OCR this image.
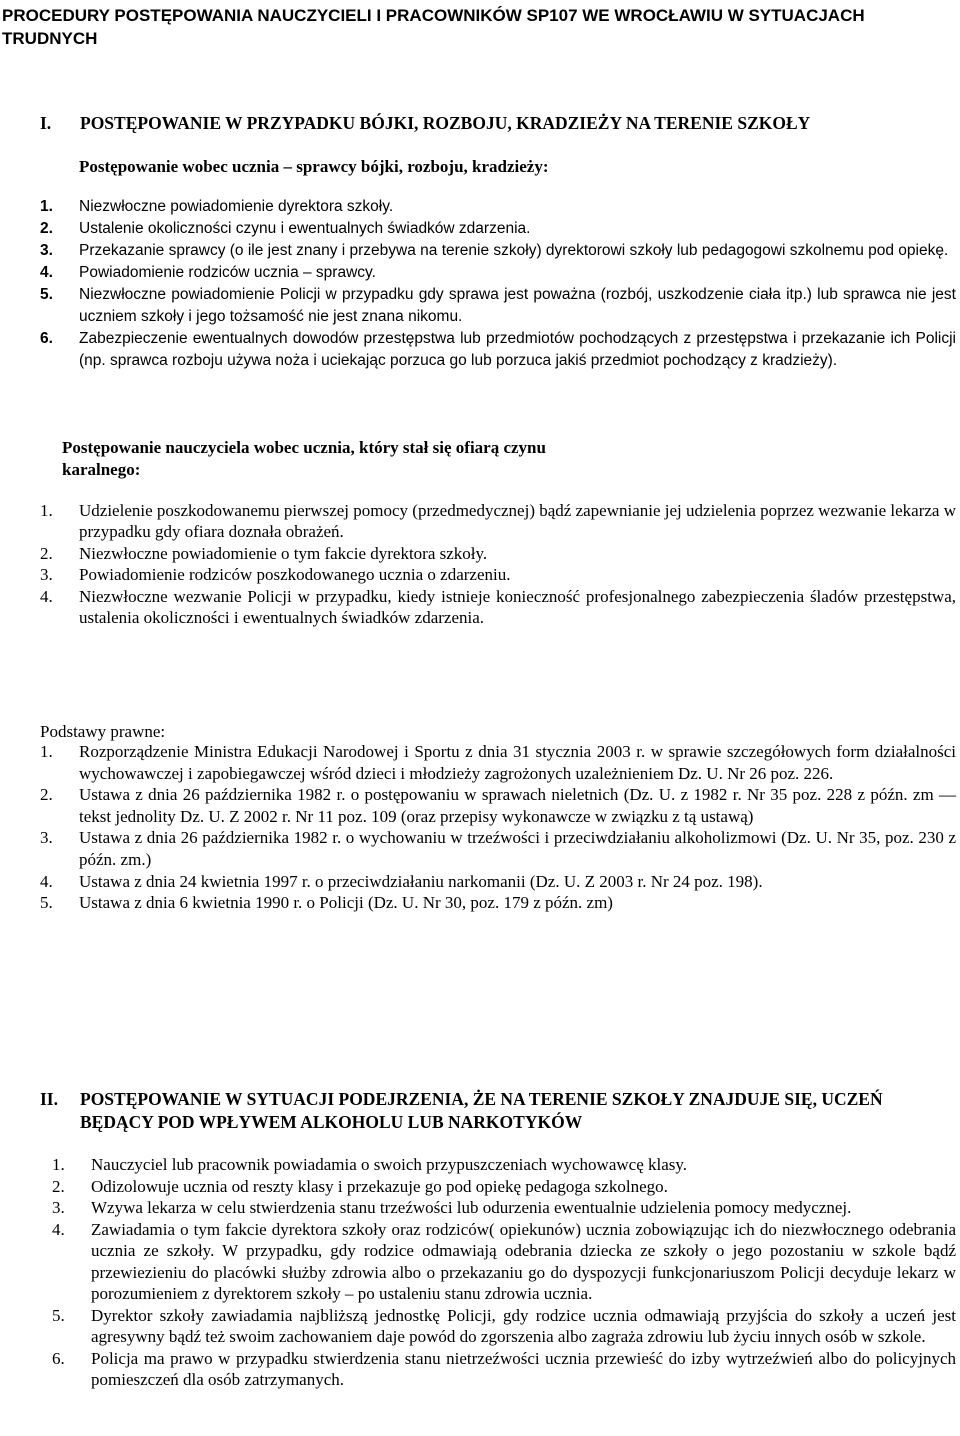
PROCEDURY POSTĘPOWANIA NAUCZYCIELI I PRACOWNIKÓW SP107 WE WROCŁAWIU W SYTUACJACH TRUDNYCH
I. POSTĘPOWANIE W PRZYPADKU BÓJKI, ROZBOJU, KRADZIEŻY NA TERENIE SZKOŁY
Postępowanie wobec ucznia – sprawcy bójki, rozboju, kradzieży:
1. Niezwłoczne powiadomienie dyrektora szkoły.
2. Ustalenie okoliczności czynu i ewentualnych świadków zdarzenia.
3. Przekazanie sprawcy (o ile jest znany i przebywa na terenie szkoły) dyrektorowi szkoły lub pedagogowi szkolnemu pod opiekę.
4. Powiadomienie rodziców ucznia – sprawcy.
5. Niezwłoczne powiadomienie Policji w przypadku gdy sprawa jest poważna (rozbój, uszkodzenie ciała itp.) lub sprawca nie jest uczniem szkoły i jego tożsamość nie jest znana nikomu.
6. Zabezpieczenie ewentualnych dowodów przestępstwa lub przedmiotów pochodzących z przestępstwa i przekazanie ich Policji (np. sprawca rozboju używa noża i uciekając porzuca go lub porzuca jakiś przedmiot pochodzący z kradzieży).
Postępowanie nauczyciela wobec ucznia, który stał się ofiarą czynu
karalnego:
1. Udzielenie poszkodowanemu pierwszej pomocy (przedmedycznej) bądź zapewnianie jej udzielenia poprzez wezwanie lekarza w przypadku gdy ofiara doznała obrażeń.
2. Niezwłoczne powiadomienie o tym fakcie dyrektora szkoły.
3. Powiadomienie rodziców poszkodowanego ucznia o zdarzeniu.
4. Niezwłoczne wezwanie Policji w przypadku, kiedy istnieje konieczność profesjonalnego zabezpieczenia śladów przestępstwa, ustalenia okoliczności i ewentualnych świadków zdarzenia.
Podstawy prawne:
1. Rozporządzenie Ministra Edukacji Narodowej i Sportu z dnia 31 stycznia 2003 r. w sprawie szczegółowych form działalności wychowawczej i zapobiegawczej wśród dzieci i młodzieży zagrożonych uzależnieniem Dz. U. Nr 26 poz. 226.
2. Ustawa z dnia 26 października 1982 r. o postępowaniu w sprawach nieletnich (Dz. U. z 1982 r. Nr 35 poz. 228 z późn. zm — tekst jednolity Dz. U. Z 2002 r. Nr 11 poz. 109 (oraz przepisy wykonawcze w związku z tą ustawą)
3. Ustawa z dnia 26 października 1982 r. o wychowaniu w trzeźwości i przeciwdziałaniu alkoholizmowi (Dz. U. Nr 35, poz. 230 z późn. zm.)
4. Ustawa z dnia 24 kwietnia 1997 r. o przeciwdziałaniu narkomanii (Dz. U. Z 2003 r. Nr 24 poz. 198).
5. Ustawa z dnia 6 kwietnia 1990 r. o Policji (Dz. U. Nr 30, poz. 179 z późn. zm)
II. POSTĘPOWANIE W SYTUACJI PODEJRZENIA, ŻE NA TERENIE SZKOŁY ZNAJDUJE SIĘ, UCZEŃ
BĘDĄCY POD WPŁYWEM ALKOHOLU LUB NARKOTYKÓW
1. Nauczyciel lub pracownik powiadamia o swoich przypuszczeniach wychowawcę klasy.
2. Odizolowuje ucznia od reszty klasy i przekazuje go pod opiekę pedagoga szkolnego.
3. Wzywa lekarza w celu stwierdzenia stanu trzeźwości lub odurzenia ewentualnie udzielenia pomocy medycznej.
4. Zawiadamia o tym fakcie dyrektora szkoły oraz rodziców( opiekunów) ucznia zobowiązując ich do niezwłocznego odebrania ucznia ze szkoły. W przypadku, gdy rodzice odmawiają odebrania dziecka ze szkoły o jego pozostaniu w szkole bądź przewiezieniu do placówki służby zdrowia albo o przekazaniu go do dyspozycji funkcjonariuszom Policji decyduje lekarz w porozumieniem z dyrektorem szkoły – po ustaleniu stanu zdrowia ucznia.
5. Dyrektor szkoły zawiadamia najbliższą jednostkę Policji, gdy rodzice ucznia odmawiają przyjścia do szkoły a uczeń jest agresywny bądź też swoim zachowaniem daje powód do zgorszenia albo zagraża zdrowiu lub życiu innych osób w szkole.
6. Policja ma prawo w przypadku stwierdzenia stanu nietrzeźwości ucznia przewieść do izby wytrzeźwień albo do policyjnych pomieszczeń dla osób zatrzymanych.
